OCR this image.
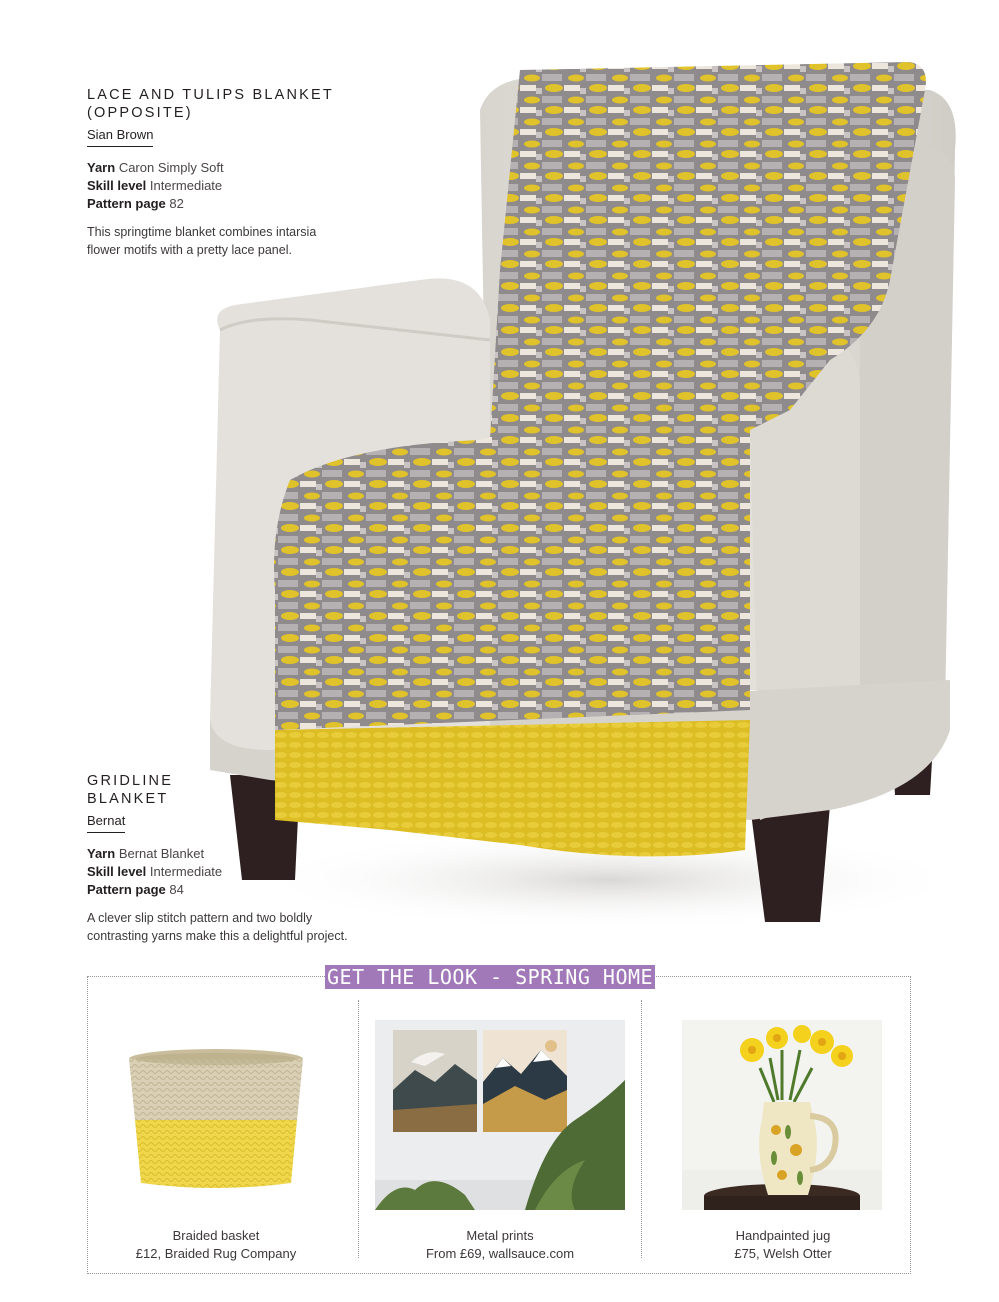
LACE AND TULIPS BLANKET
(OPPOSITE)
Sian Brown
Yarn Caron Simply Soft
Skill level Intermediate
Pattern page 82
This springtime blanket combines intarsia
flower motifs with a pretty lace panel.
GRIDLINE
BLANKET
Bernat
Yarn Bernat Blanket
Skill level Intermediate
Pattern page 84
A clever slip stitch pattern and two boldly
contrasting yarns make this a delightful project.
GET THE LOOK - SPRING HOME
Braided basket
£12, Braided Rug Company
Metal prints
From £69, wallsauce.com
Handpainted jug
£75, Welsh Otter
